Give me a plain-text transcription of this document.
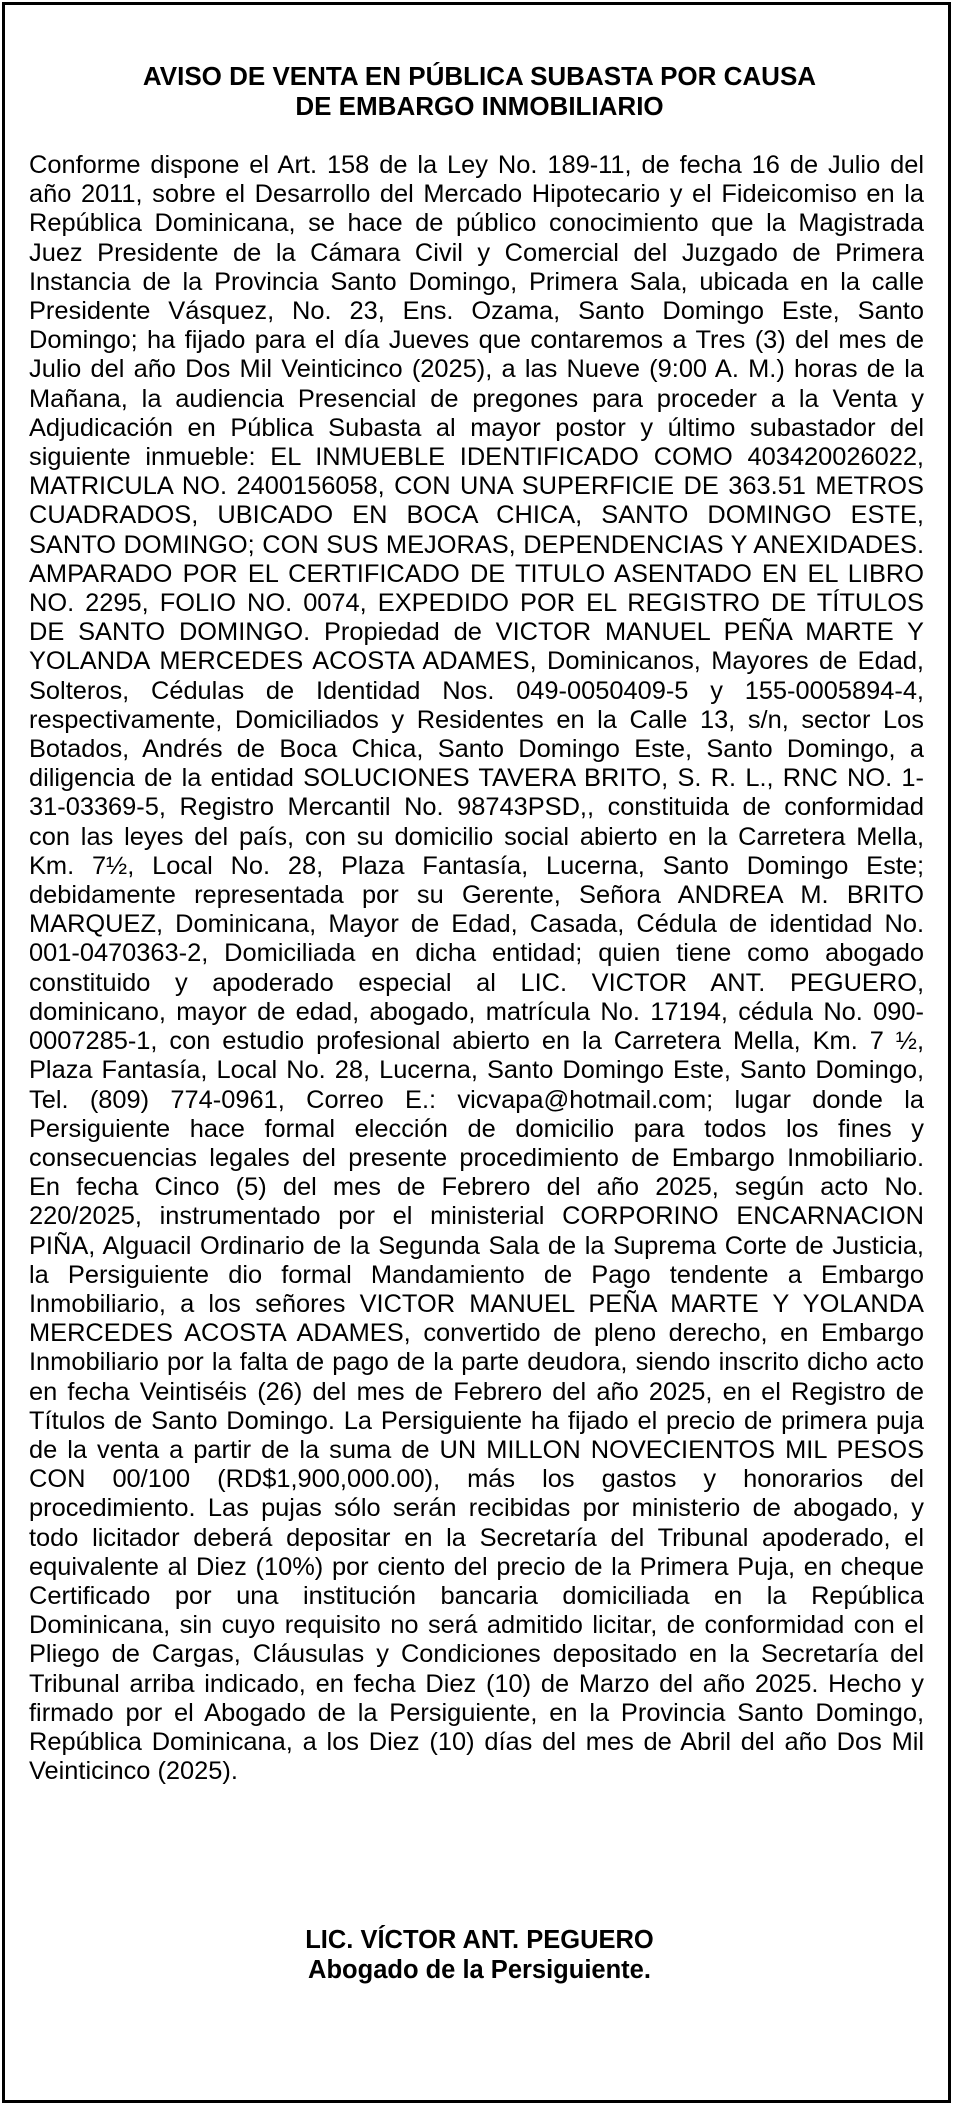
AVISO DE VENTA EN PÚBLICA SUBASTA POR CAUSA
DE EMBARGO INMOBILIARIO

Conforme dispone el Art. 158 de la Ley No. 189-11, de fecha 16 de Julio del año 2011, sobre el Desarrollo del Mercado Hipotecario y el Fideicomiso en la República Dominicana, se hace de público conocimiento que la Magistrada Juez Presidente de la Cámara Civil y Comercial del Juzgado de Primera Instancia de la Provincia Santo Domingo, Primera Sala, ubicada en la calle Presidente Vásquez, No. 23, Ens. Ozama, Santo Domingo Este, Santo Domingo; ha fijado para el día Jueves que contaremos a Tres (3) del mes de Julio del año Dos Mil Veinticinco (2025), a las Nueve (9:00 A. M.) horas de la Mañana, la audiencia Presencial de pregones para proceder a la Venta y Adjudicación en Pública Subasta al mayor postor y último subastador del siguiente inmueble: EL INMUEBLE IDENTIFICADO COMO 403420026022, MATRICULA NO. 2400156058, CON UNA SUPERFICIE DE 363.51 METROS CUADRADOS, UBICADO EN BOCA CHICA, SANTO DOMINGO ESTE, SANTO DOMINGO; CON SUS MEJORAS, DEPENDENCIAS Y ANEXIDADES. AMPARADO POR EL CERTIFICADO DE TITULO ASENTADO EN EL LIBRO NO. 2295, FOLIO NO. 0074, EXPEDIDO POR EL REGISTRO DE TÍTULOS DE SANTO DOMINGO. Propiedad de VICTOR MANUEL PEÑA MARTE Y YOLANDA MERCEDES ACOSTA ADAMES, Dominicanos, Mayores de Edad, Solteros, Cédulas de Identidad Nos. 049-0050409-5 y 155-0005894-4, respectivamente, Domiciliados y Residentes en la Calle 13, s/n, sector Los Botados, Andrés de Boca Chica, Santo Domingo Este, Santo Domingo, a diligencia de la entidad SOLUCIONES TAVERA BRITO, S. R. L., RNC NO. 1-31-03369-5, Registro Mercantil No. 98743PSD,, constituida de conformidad con las leyes del país, con su domicilio social abierto en la Carretera Mella, Km. 7½, Local No. 28, Plaza Fantasía, Lucerna, Santo Domingo Este; debidamente representada por su Gerente, Señora ANDREA M. BRITO MARQUEZ, Dominicana, Mayor de Edad, Casada, Cédula de identidad No. 001-0470363-2, Domiciliada en dicha entidad; quien tiene como abogado constituido y apoderado especial al LIC. VICTOR ANT. PEGUERO, dominicano, mayor de edad, abogado, matrícula No. 17194, cédula No. 090-0007285-1, con estudio profesional abierto en la Carretera Mella, Km. 7 ½, Plaza Fantasía, Local No. 28, Lucerna, Santo Domingo Este, Santo Domingo, Tel. (809) 774-0961, Correo E.: vicvapa@hotmail.com; lugar donde la Persiguiente hace formal elección de domicilio para todos los fines y consecuencias legales del presente procedimiento de Embargo Inmobiliario. En fecha Cinco (5) del mes de Febrero del año 2025, según acto No. 220/2025, instrumentado por el ministerial CORPORINO ENCARNACION PIÑA, Alguacil Ordinario de la Segunda Sala de la Suprema Corte de Justicia, la Persiguiente dio formal Mandamiento de Pago tendente a Embargo Inmobiliario, a los señores VICTOR MANUEL PEÑA MARTE Y YOLANDA MERCEDES ACOSTA ADAMES, convertido de pleno derecho, en Embargo Inmobiliario por la falta de pago de la parte deudora, siendo inscrito dicho acto en fecha Veintiséis (26) del mes de Febrero del año 2025, en el Registro de Títulos de Santo Domingo. La Persiguiente ha fijado el precio de primera puja de la venta a partir de la suma de UN MILLON NOVECIENTOS MIL PESOS CON 00/100 (RD$1,900,000.00), más los gastos y honorarios del procedimiento. Las pujas sólo serán recibidas por ministerio de abogado, y todo licitador deberá depositar en la Secretaría del Tribunal apoderado, el equivalente al Diez (10%) por ciento del precio de la Primera Puja, en cheque Certificado por una institución bancaria domiciliada en la República Dominicana, sin cuyo requisito no será admitido licitar, de conformidad con el Pliego de Cargas, Cláusulas y Condiciones depositado en la Secretaría del Tribunal arriba indicado, en fecha Diez (10) de Marzo del año 2025. Hecho y firmado por el Abogado de la Persiguiente, en la Provincia Santo Domingo, República Dominicana, a los Diez (10) días del mes de Abril del año Dos Mil Veinticinco (2025).

LIC. VÍCTOR ANT. PEGUERO
Abogado de la Persiguiente.
